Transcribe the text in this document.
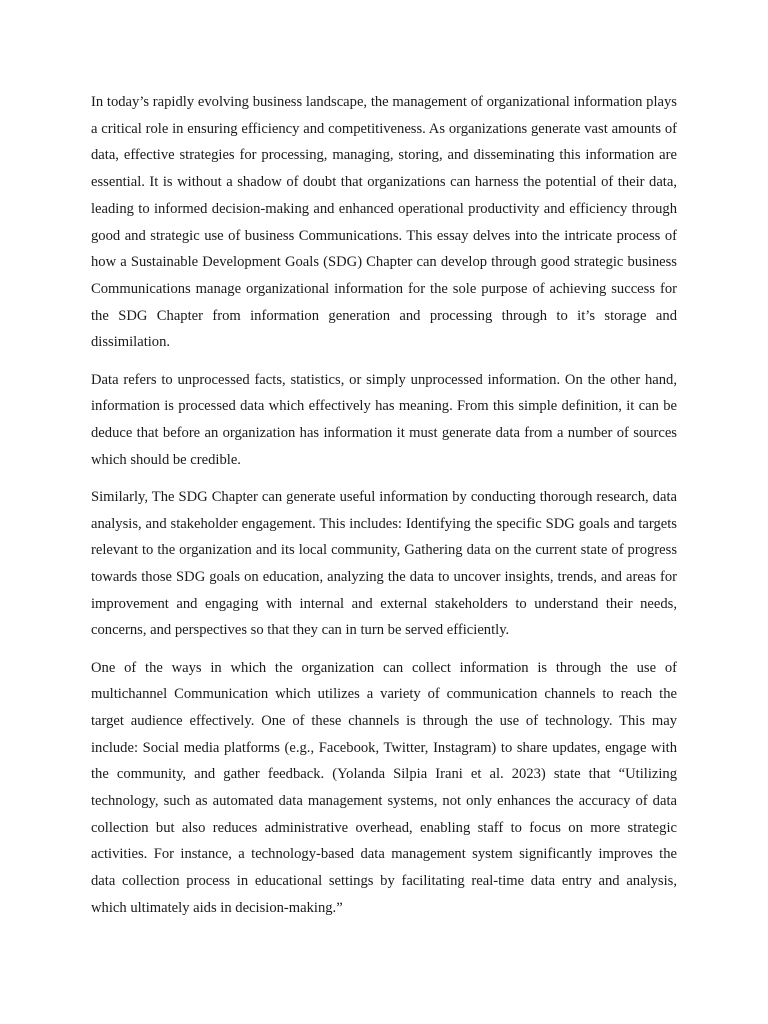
In today’s rapidly evolving business landscape, the management of organizational information plays a critical role in ensuring efficiency and competitiveness. As organizations generate vast amounts of data, effective strategies for processing, managing, storing, and disseminating this information are essential. It is without a shadow of doubt that organizations can harness the potential of their data, leading to informed decision-making and enhanced operational productivity and efficiency through good and strategic use of business Communications. This essay delves into the intricate process of how a Sustainable Development Goals (SDG) Chapter can develop through good strategic business Communications manage organizational information for the sole purpose of achieving success for the SDG Chapter from information generation and processing through to it’s storage and dissimilation.

Data refers to unprocessed facts, statistics, or simply unprocessed information. On the other hand, information is processed data which effectively has meaning. From this simple definition, it can be deduce that before an organization has information it must generate data from a number of sources which should be credible.

Similarly, The SDG Chapter can generate useful information by conducting thorough research, data analysis, and stakeholder engagement. This includes: Identifying the specific SDG goals and targets relevant to the organization and its local community, Gathering data on the current state of progress towards those SDG goals on education, analyzing the data to uncover insights, trends, and areas for improvement and engaging with internal and external stakeholders to understand their needs, concerns, and perspectives so that they can in turn be served efficiently.

One of the ways in which the organization can collect information is through the use of multichannel Communication which utilizes a variety of communication channels to reach the target audience effectively. One of these channels is through the use of technology. This may include: Social media platforms (e.g., Facebook, Twitter, Instagram) to share updates, engage with the community, and gather feedback. (Yolanda Silpia Irani et al. 2023) state that “Utilizing technology, such as automated data management systems, not only enhances the accuracy of data collection but also reduces administrative overhead, enabling staff to focus on more strategic activities. For instance, a technology-based data management system significantly improves the data collection process in educational settings by facilitating real-time data entry and analysis, which ultimately aids in decision-making.”
